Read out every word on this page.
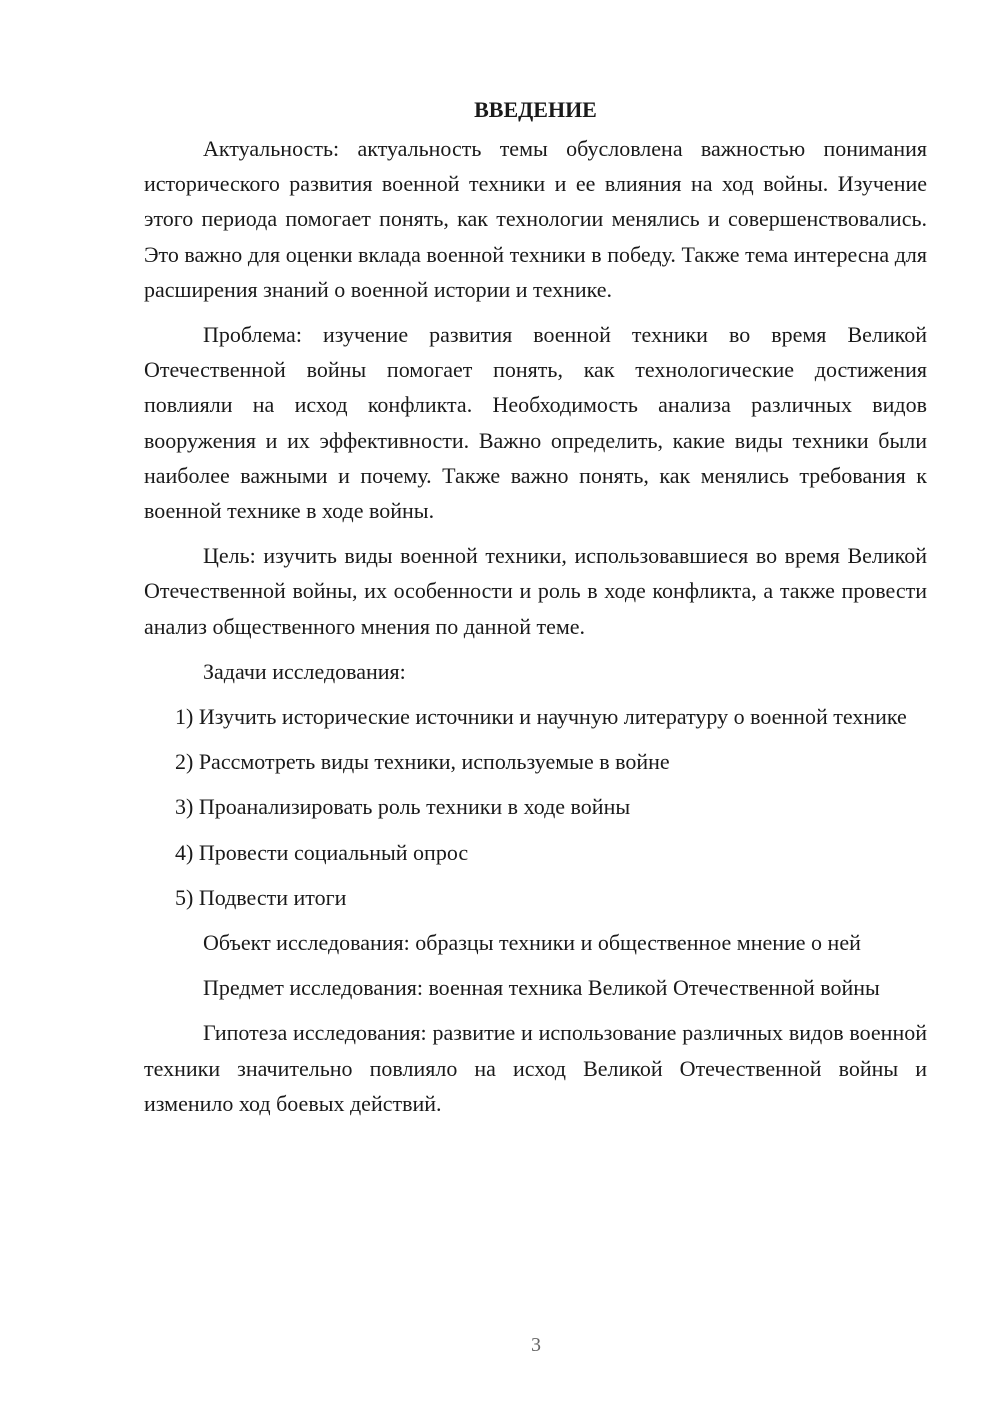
ВВЕДЕНИЕ

Актуальность: актуальность темы обусловлена важностью понимания исторического развития военной техники и ее влияния на ход войны. Изучение этого периода помогает понять, как технологии менялись и совершенствовались. Это важно для оценки вклада военной техники в победу. Также тема интересна для расширения знаний о военной истории и технике.

Проблема: изучение развития военной техники во время Великой Отечественной войны помогает понять, как технологические достижения повлияли на исход конфликта. Необходимость анализа различных видов вооружения и их эффективности. Важно определить, какие виды техники были наиболее важными и почему. Также важно понять, как менялись требования к военной технике в ходе войны.

Цель: изучить виды военной техники, использовавшиеся во время Великой Отечественной войны, их особенности и роль в ходе конфликта, а также провести анализ общественного мнения по данной теме.

Задачи исследования:

1) Изучить исторические источники и научную литературу о военной технике

2) Рассмотреть виды техники, используемые в войне

3) Проанализировать роль техники в ходе войны

4) Провести социальный опрос

5) Подвести итоги

Объект исследования: образцы техники и общественное мнение о ней

Предмет исследования: военная техника Великой Отечественной войны

Гипотеза исследования: развитие и использование различных видов военной техники значительно повлияло на исход Великой Отечественной войны и изменило ход боевых действий.

3
